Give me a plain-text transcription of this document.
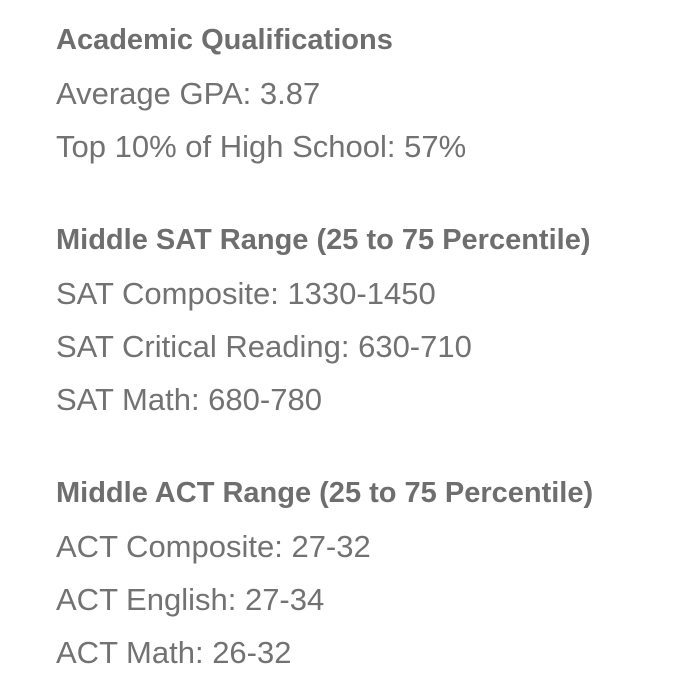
Academic Qualifications
Average GPA: 3.87
Top 10% of High School: 57%
Middle SAT Range (25 to 75 Percentile)
SAT Composite: 1330-1450
SAT Critical Reading: 630-710
SAT Math: 680-780
Middle ACT Range (25 to 75 Percentile)
ACT Composite: 27-32
ACT English: 27-34
ACT Math: 26-32
